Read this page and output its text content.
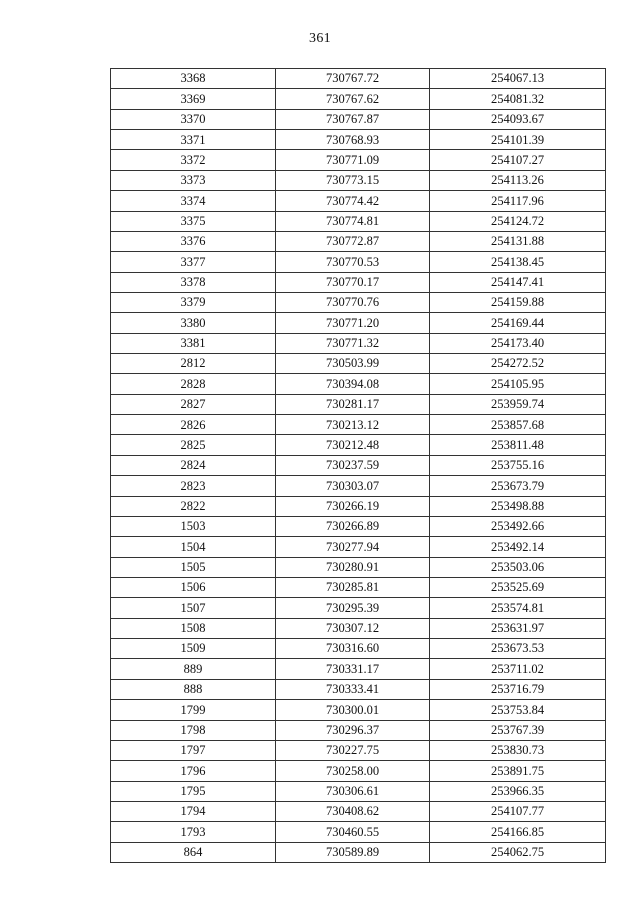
361
3368	730767.72	254067.13
3369	730767.62	254081.32
3370	730767.87	254093.67
3371	730768.93	254101.39
3372	730771.09	254107.27
3373	730773.15	254113.26
3374	730774.42	254117.96
3375	730774.81	254124.72
3376	730772.87	254131.88
3377	730770.53	254138.45
3378	730770.17	254147.41
3379	730770.76	254159.88
3380	730771.20	254169.44
3381	730771.32	254173.40
2812	730503.99	254272.52
2828	730394.08	254105.95
2827	730281.17	253959.74
2826	730213.12	253857.68
2825	730212.48	253811.48
2824	730237.59	253755.16
2823	730303.07	253673.79
2822	730266.19	253498.88
1503	730266.89	253492.66
1504	730277.94	253492.14
1505	730280.91	253503.06
1506	730285.81	253525.69
1507	730295.39	253574.81
1508	730307.12	253631.97
1509	730316.60	253673.53
889	730331.17	253711.02
888	730333.41	253716.79
1799	730300.01	253753.84
1798	730296.37	253767.39
1797	730227.75	253830.73
1796	730258.00	253891.75
1795	730306.61	253966.35
1794	730408.62	254107.77
1793	730460.55	254166.85
864	730589.89	254062.75
